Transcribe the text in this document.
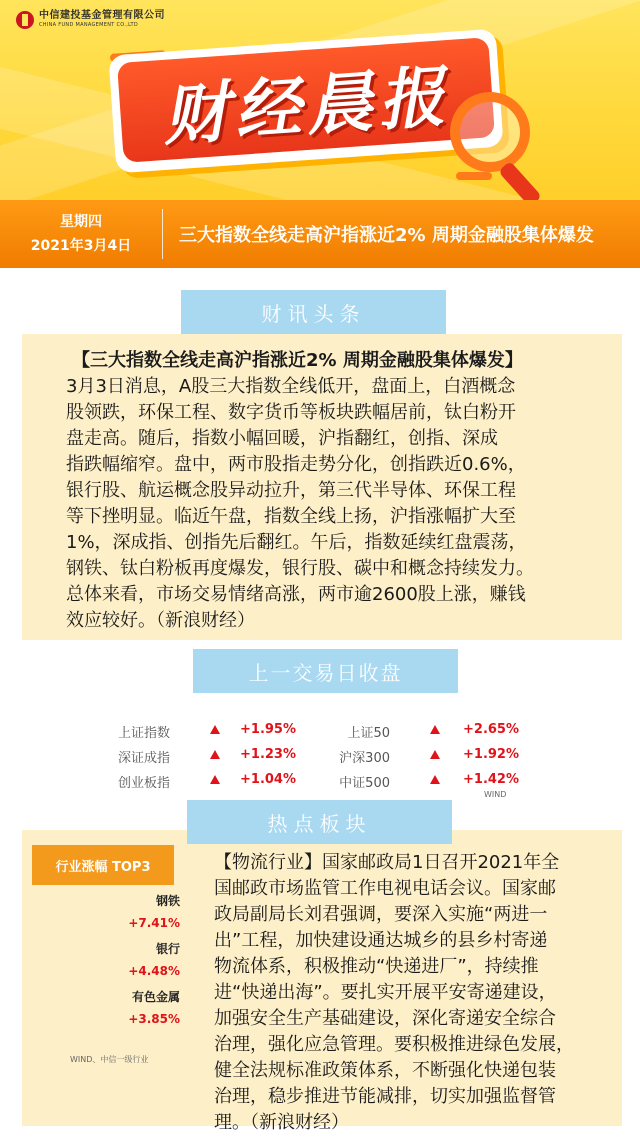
中信建投基金管理有限公司
CHINA FUND MANAGEMENT CO.,LTD
财经晨报
星期四
2021年3月4日	三大指数全线走高沪指涨近2% 周期金融股集体爆发
财讯头条
【三大指数全线走高沪指涨近2% 周期金融股集体爆发】
3月3日消息，A股三大指数全线低开，盘面上，白酒概念
股领跌，环保工程、数字货币等板块跌幅居前，钛白粉开
盘走高。随后，指数小幅回暖，沪指翻红，创指、深成
指跌幅缩窄。盘中，两市股指走势分化，创指跌近0.6%，
银行股、航运概念股异动拉升，第三代半导体、环保工程
等下挫明显。临近午盘，指数全线上扬，沪指涨幅扩大至
1%，深成指、创指先后翻红。午后，指数延续红盘震荡，
钢铁、钛白粉板再度爆发，银行股、碳中和概念持续发力。
总体来看，市场交易情绪高涨，两市逾2600股上涨，赚钱
效应较好。（新浪财经）
上一交易日收盘
上证指数	+1.95%
深证成指	+1.23%
创业板指	+1.04%
上证50	+2.65%
沪深300	+1.92%
中证500	+1.42%
WIND
热点板块
行业涨幅 TOP3
钢铁
+7.41%
银行
+4.48%
有色金属
+3.85%
WIND、中信一级行业
【物流行业】国家邮政局1日召开2021年全
国邮政市场监管工作电视电话会议。国家邮
政局副局长刘君强调，要深入实施“两进一
出”工程，加快建设通达城乡的县乡村寄递
物流体系，积极推动“快递进厂”，持续推
进“快递出海”。要扎实开展平安寄递建设，
加强安全生产基础建设，深化寄递安全综合
治理，强化应急管理。要积极推进绿色发展，
健全法规标准政策体系，不断强化快递包装
治理，稳步推进节能减排，切实加强监督管
理。（新浪财经）
